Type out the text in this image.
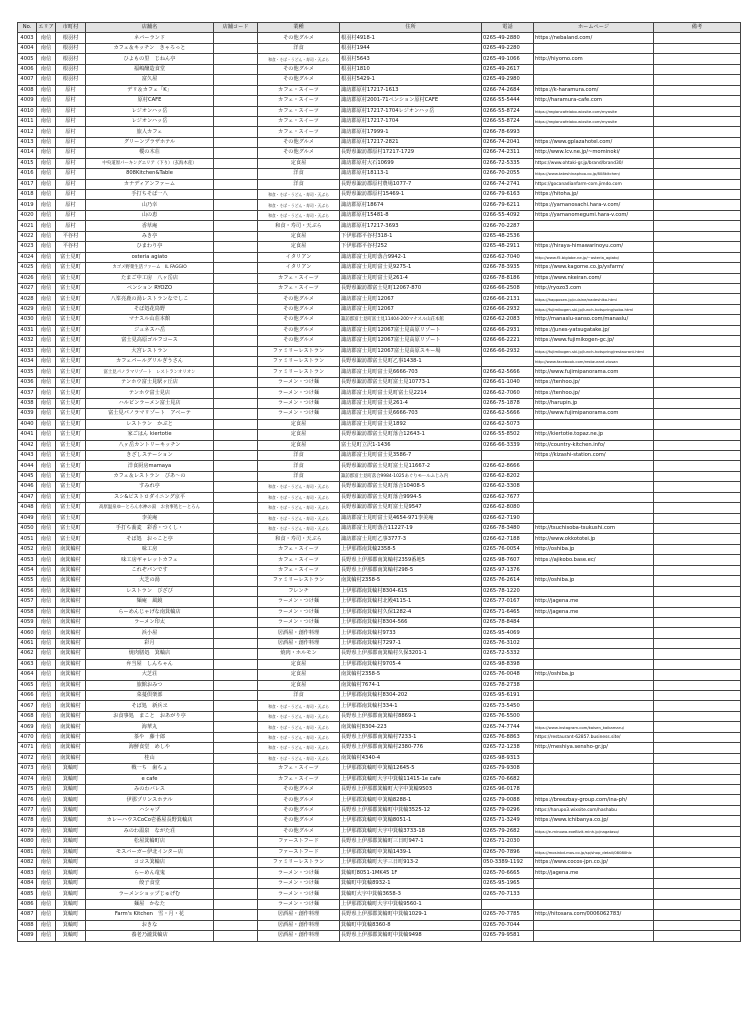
No.	エリア	市町村	店舗名	店舗コード	業種	住所	電話	ホームページ	備考
4003	南信	根羽村	ネバーランド		その他グルメ	根羽村4918-1	0265-49-2880	https://nebaland.com/	
4004	南信	根羽村	カフェ＆キッチン　きゃろっと		洋食	根羽村1944	0265-49-2280		
4005	南信	根羽村	ひよもの里　じねん亭		和食・そば・うどん・寿司・天ぷら	根羽村5643	0265-49-1066	http://hiyomo.com	
4006	南信	根羽村	福嶋醸造食堂		その他グルメ	根羽村1810	0265-49-2617		
4007	南信	根羽村	富久屋		その他グルメ	根羽村5429-1	0265-49-2980		
4008	南信	原村	デリ＆カフェ「K」		カフェ・スイーツ	諏訪郡原村17217-1613	0266-74-2684	https://k-haramura.com/	
4009	南信	原村	原村CAFE		カフェ・スイーツ	諏訪郡原村2001-71ペンション原村CAFE	0266-55-5444	http://haramura-cafe.com	
4010	南信	原村	レジオンハッ岳		カフェ・スイーツ	諏訪郡原村17217-1704レジオンハッ岳	0266-55-8724	https://regioncafelabo.wixsite.com/myasite	
4011	南信	原村	レジオンハッ岳		カフェ・スイーツ	諏訪郡原村17217-1704	0266-55-8724	https://regioncafelabo.wixsite.com/myasite	
4012	南信	原村	旅人カフェ		カフェ・スイーツ	諏訪郡原村17999-1	0266-78-6993		
4013	南信	原村	グリーンプラザホテル		その他グルメ	諏訪郡原村17217-2821	0266-74-2041	https://www.gplazahotel.com/	
4014	南信	原村	樅の木荘		その他グルメ	長野県諏訪郡原村17217-1729	0266-74-2311	http://www.lcv.ne.jp/~mominoki/	
4015	南信	原村	中央道原パーキングエリア（下り）（玄海木産）		定食屋	諏訪郡原村大石10699	0266-72-5335	https://www.ohtaki-gr.jp/brand/brand30/	
4016	南信	原村	808Kitchen&Table		洋食	諏訪郡原村18113-1	0266-70-2055	https://www.tateshinaphoo.co.jp/808kitchen/	
4017	南信	原村	カナディアンファーム		洋食	長野県諏訪郡原村農場1077-7	0266-74-2741	https://gocanadianfarm-com.jimdo.com	
4018	南信	原村	手打ちそば一八		和食・そば・うどん・寿司・天ぷら	長野県諏訪郡原村15469-1	0266-79-6163	https://hitoha.jp/	
4019	南信	原村	山乃幸		和食・そば・うどん・寿司・天ぷら	諏訪郡原村18674	0266-79-6211	https://yamanosachi.hara-v.com/	
4020	南信	原村	山の恵		和食・そば・うどん・寿司・天ぷら	諏訪郡原村15481-8	0266-55-4092	https://yamanomegumi.hara-v.com/	
4021	南信	原村	香草庵		和食・寿司・天ぷら	諏訪郡原村17217-3693	0266-70-2287		
4022	南信	平谷村	みき亭		定食屋	下伊那郡平谷村318-1	0265-48-2536		
4023	南信	平谷村	ひまわり亭		定食屋	下伊那郡平谷村252	0265-48-2911	https://hiraya-himawarinoyu.com/	
4024	南信	富士見町	osteria agiato		イタリアン	諏訪郡富士見町落合9942-1	0266-62-7040	http://www.f5.biglobe.ne.jp/~osteria_agiato/	
4025	南信	富士見町	カゴメ野菜生活ファーム　IL FAGGIO		イタリアン	諏訪郡富士見町富士見9275-1	0266-78-3935	https://www.kagome.co.jp/ysfarm/	
4026	南信	富士見町	たまご中工房　八ヶ岳店		カフェ・スイーツ	諏訪郡富士見町富士見261-4	0266-78-8186	https://www.nkeiran.com/	
4027	南信	富士見町	ペンション RYOZO		カフェ・スイーツ	長野県諏訪郡富士見町12067-870	0266-66-2508	http://ryozo3.com	
4028	南信	富士見町	八峯亮鹿の湯レストランなでしこ		その他グルメ	諏訪郡富士見町12067	0266-66-2131	https://happosen.jp/cuisine/nadeshiko.html	
4029	南信	富士見町	そば処花鳥野		その他グルメ	諏訪郡富士見町12067	0266-66-2932	https://fujimikogen.ski.jp/lunch-hotspring/soba.html	
4030	南信	富士見町	マナスル山荘本館		その他グルメ	諏訪郡富士見町富士見11404-200マナスル山荘本館	0266-62-2083	http://manaslu-sanso.com/manaslu/	
4031	南信	富士見町	ジュネスハ岳		その他グルメ	諏訪郡富士見町12067富士見高原リゾート	0266-66-2931	https://junes-yatsugatake.jp/	
4032	南信	富士見町	富士見高原ゴルフコース		その他グルメ	諏訪郡富士見町12067富士見高原リゾート	0266-66-2221	https://www.fujimikogen-gc.jp/	
4033	南信	富士見町	大宮レストラン		ファミリーレストラン	諏訪郡富士見町12067富士見高原スキー場	0266-66-2932	https://fujimikogen.ski.jp/lunch-hotspring/restaurant.html	
4034	南信	富士見町	カフェパールグリルぎうさん		ファミリーレストラン	長野県諏訪郡富士見町乙事1438-1		http://www.facebook.com/restaurant.ziusan	
4035	南信	富士見町	富士見パノラマリゾート　レストランオリオン		ファミリーレストラン	諏訪郡富士見町富士見6666-703	0266-62-5666	http://www.fujimipanorama.com	
4036	南信	富士見町	テンホウ富士見駅ヶ丘店		ラーメン・つけ麺	長野県諏訪郡富士見町富士見10773-1	0266-61-1040	https://tenhoo.jp/	
4037	南信	富士見町	テンホウ富士見店		ラーメン・つけ麺	諏訪郡富士見町富士見町富士見2214	0266-62-7060	https://tenhoo.jp/	
4038	南信	富士見町	ハルピンラーメン富士見店		ラーメン・つけ麺	諏訪郡富士見町富士見261-4	0266-75-1878	http://harupin.jp	
4039	南信	富士見町	富士見パノラマリゾート　アベーテ		ラーメン・つけ麺	諏訪郡富士見町富士見6666-703	0266-62-5666	http://www.fujimipanorama.com	
4040	南信	富士見町	レストラン　かぷと		定食屋	諏訪郡富士見町富士見1892	0266-62-5073		
4041	南信	富士見町	家ごはん kiertotie		定食屋	長野県諏訪郡富士見町落合12643-1	0266-55-8502	http://kiertotie.topaz.ne.jp	
4042	南信	富士見町	八ヶ岳カントリーキッチン		定食屋	富士見町立沢1-1436	0266-66-3339	http://country-kitchen.info/	
4043	南信	富士見町	きざしステーション		洋食	諏訪郡富士見町富士見3586-7		https://kizashi-station.com/	
4044	南信	富士見町	洋食厨房mamaya		洋食	長野県諏訪郡富士見町富士見11667-2	0266-62-8666		
4045	南信	富士見町	カフェ＆レストラン　びあ～の		洋食	諏訪郡富士見町落合9984-1025あぐりモールふじみ内	0266-62-8202		
4046	南信	富士見町	すみれ亭		和食・そば・うどん・寿司・天ぷら	長野県諏訪郡富士見町落合10408-5	0266-62-3308		
4047	南信	富士見町	スシ&ビストロダイニング京平		和食・そば・うどん・寿司・天ぷら	長野県諏訪郡富士見町落合9994-5	0266-62-7677		
4048	南信	富士見町	高原温泉ゆーとろん水神の湯　お食事処とーとろん		和食・そば・うどん・寿司・天ぷら	長野県諏訪郡富士見町富士見9547	0266-62-8080		
4049	南信	富士見町	李美庵		和食・そば・うどん・寿司・天ぷら	諏訪郡富士見町富士見4654-971李美庵	0266-62-7190		
4050	南信	富士見町	手打ち蕎麦　彩香・つくし・		和食・そば・うどん・寿司・天ぷら	諏訪郡富士見町落合11227-19	0266-78-3480	http://tsuchisoba-tsukushi.com	
4051	南信	富士見町	そば処　おっこと亭		和食・寿司・天ぷら	諏訪郡富士見町乙事3777-3	0266-62-7188	http://www.okkototei.jp	
4052	南信	南箕輪村	味工房		カフェ・スイーツ	上伊那郡南箕輪2358-5	0265-76-0054	http://oshiba.jp	
4053	南信	南箕輪村	味工房ギャレットカフェ		カフェ・スイーツ	長野県上伊那郡南箕輪村2359番地5	0265-98-7607	https://ajikobo.base.ec/	
4054	南信	南箕輪村	これぞパンです		カフェ・スイーツ	長野県上伊那郡南箕輪村298-5	0265-97-1376		
4055	南信	南箕輪村	大芝の湯		ファミリーレストラン	南箕輪村2358-5	0265-76-2614	http://oshiba.jp	
4056	南信	南箕輪村	レストラン　びざび		フレンチ	上伊那郡南箕輪村8304-615	0265-78-1220		
4057	南信	南箕輪村	麺庵　風鏡		ラーメン・つけ麺	上伊那郡南箕輪村北殿4115-1	0265-77-0167	http://jagena.me	
4058	南信	南箕輪村	らーめんじゃげな南箕輪店		ラーメン・つけ麺	上伊那郡南箕輪村久保1282-4	0265-71-6465	http://jagena.me	
4059	南信	南箕輪村	ラーメン印太		ラーメン・つけ麺	上伊那郡南箕輪村8304-566	0265-78-8484		
4060	南信	南箕輪村	浜小屋		居酒屋・創作料理	上伊那郡南箕輪村9733	0265-95-4069		
4061	南信	南箕輪村	彩月		居酒屋・創作料理	上伊那郡南箕輪村7297-1	0265-76-3102		
4062	南信	南箕輪村	焼肉膳処　箕輪店		焼肉・ホルモン	長野県上伊那郡南箕輪村久保3201-1	0265-72-5332		
4063	南信	南箕輪村	弁当屋　しんちゃん		定食屋	上伊那郡南箕輪村9705-4	0265-98-8398		
4064	南信	南箕輪村	大芝荘		定食屋	南箕輪村2358-5	0265-76-0048	http://oshiba.jp	
4065	南信	南箕輪村	旅館おみつ		定食屋	南箕輪村7674-1	0265-78-2738		
4066	南信	南箕輪村	菜蔓倶楽部		洋食	上伊那郡南箕輪村8304-202	0265-95-6191		
4067	南信	南箕輪村	そば処　新兵ヱ		和食・そば・うどん・寿司・天ぷら	上伊那郡南箕輪村334-1	0265-73-5450		
4068	南信	南箕輪村	お食事処　まこと　おあがり亭		和食・そば・うどん・寿司・天ぷら	長野県上伊那郡南箕輪村8869-1	0265-76-5500		
4069	南信	南箕輪村	海華丸		和食・そば・うどん・寿司・天ぷら	南箕輪村8304-223	0265-74-7744	https://www.instagram.com/kaisen_kaikamaru/	
4070	南信	南箕輪村	茶や　藤十郎		和食・そば・うどん・寿司・天ぷら	長野県上伊那郡南箕輪村7233-1	0265-76-8863	https://restaurant-62857.business.site/	
4071	南信	南箕輪村	海鮮食堂　めしや		和食・そば・うどん・寿司・天ぷら	長野県上伊那郡南箕輪村2380-776	0265-72-1238	http://meshiya.sensho-gr.jp/	
4072	南信	南箕輪村	桂山		和食・そば・うどん・寿司・天ぷら	南箕輪村4340-4	0265-98-9313		
4073	南信	箕輪町	戦一ち　歯ちょ		カフェ・スイーツ	上伊那郡箕輪町中箕輪12645-5	0265-79-9308		
4074	南信	箕輪町	e cafe		カフェ・スイーツ	上伊那郡箕輪町大字中箕輪11415-1e cafe	0265-70-6682		
4075	南信	箕輪町	みのわバレス		その他グルメ	長野県上伊那郡箕輪町大字中箕輪9503	0265-96-0178		
4076	南信	箕輪町	伊那プリンスホテル		その他グルメ	上伊那郡箕輪町中箕輪8288-1	0265-79-0088	https://breezbay-group.com/ina-ph/	
4077	南信	箕輪町	ハシャプ		その他グルメ	長野県上伊那郡箕輪町中箕輪3525-12	0265-79-0296	https://harupo3.wixsite.com/hashabu	
4078	南信	箕輪町	カレーハウスCoCo壱番屋長野箕輪店		その他グルメ	上伊那郡箕輪町中箕輪8051-1	0265-71-3249	https://www.ichibanya.co.jp/	
4079	南信	箕輪町	みのわ温泉　ながた荘		その他グルメ	上伊那郡箕輪町大字中箕輪3733-18	0265-79-2682	https://e-minowa.exeBizit.minh.jp/nagataso/	
4080	南信	箕輪町	松屋箕輪町店		ファーストフード	長野県上伊那郡箕輪町三日町947-1	0265-71-2030		
4081	南信	箕輪町	モスバーガー伊北インター店		ファーストフード	上伊那郡箕輪町中箕輪1439-1	0265-70-7896	https://mosinbd.mos.co.jp/sp/shop_detail/08080hlc	
4082	南信	箕輪町	ココス箕輪店		ファミリーレストラン	上伊那郡箕輪町大字三日町913-2	050-3389-1192	https://www.cocos-jpn.co.jp/	
4083	南信	箕輪町	らーめん竜鬼		ラーメン・つけ麺	箕輪町8051-1MK45 1F	0265-70-6665	http://jagena.me	
4084	南信	箕輪町	餃子食堂		ラーメン・つけ麺	箕輪町中箕輪8932-1	0265-95-1965		
4085	南信	箕輪町	ラーメンショップじゅげむ		ラーメン・つけ麺	箕輪町大字中箕輪3658-3	0265-70-7133		
4086	南信	箕輪町	麺屋　かなた		ラーメン・つけ麺	上伊那郡箕輪町大字中箕輪9560-1			
4087	南信	箕輪町	Farm's Kitchen　雪・月・花		居酒屋・創作料理	長野県上伊那郡箕輪町中箕輪1029-1	0265-70-7785	http://hitosara.com/0006062783/	
4088	南信	箕輪町	おきな		居酒屋・創作料理	箕輪町中箕輪8360-8	0265-70-7044		
4089	南信	箕輪町	養老乃瀧箕輪店		居酒屋・創作料理	長野県上伊那郡箕輪町中箕輪9498	0265-79-9581		
